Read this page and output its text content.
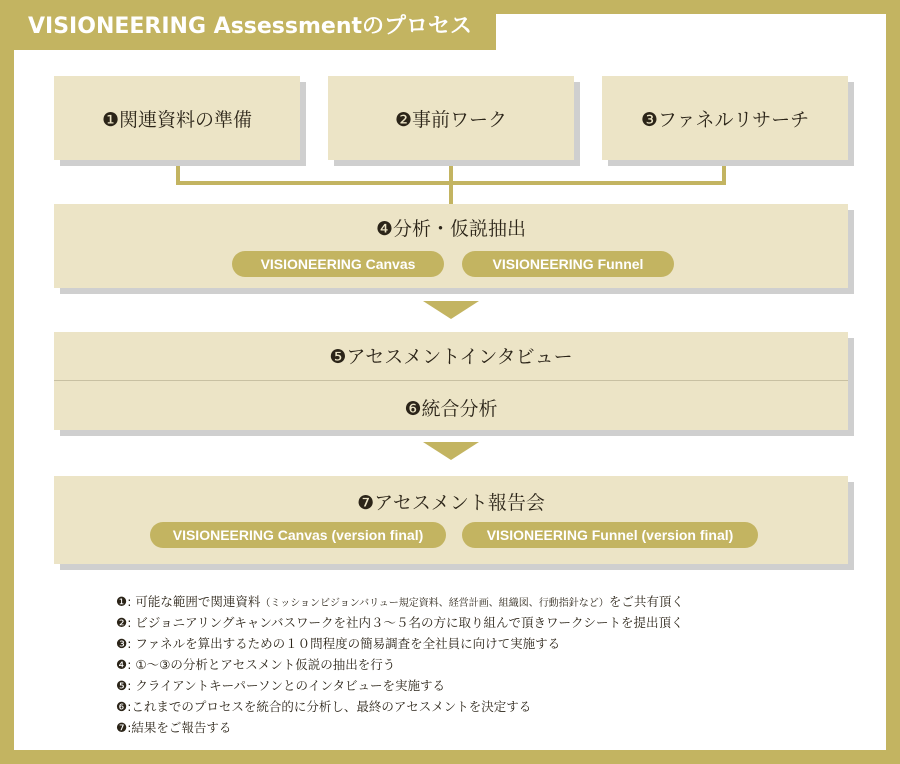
VISIONEERING Assessmentのプロセス
❶関連資料の準備	❷事前ワーク	❸ファネルリサーチ
❹分析・仮説抽出
VISIONEERING Canvas	VISIONEERING Funnel
❺アセスメントインタビュー
❻統合分析
❼アセスメント報告会
VISIONEERING Canvas (version final)	VISIONEERING Funnel (version final)
❶: 可能な範囲で関連資料（ミッションビジョンバリュー規定資料、経営計画、組織図、行動指針など）をご共有頂く
❷: ビジョニアリングキャンバスワークを社内３～５名の方に取り組んで頂きワークシートを提出頂く
❸: ファネルを算出するための１０問程度の簡易調査を全社員に向けて実施する
❹: ①～③の分析とアセスメント仮説の抽出を行う
❺: クライアントキーパーソンとのインタビューを実施する
❻:これまでのプロセスを統合的に分析し、最終のアセスメントを決定する
❼:結果をご報告する
